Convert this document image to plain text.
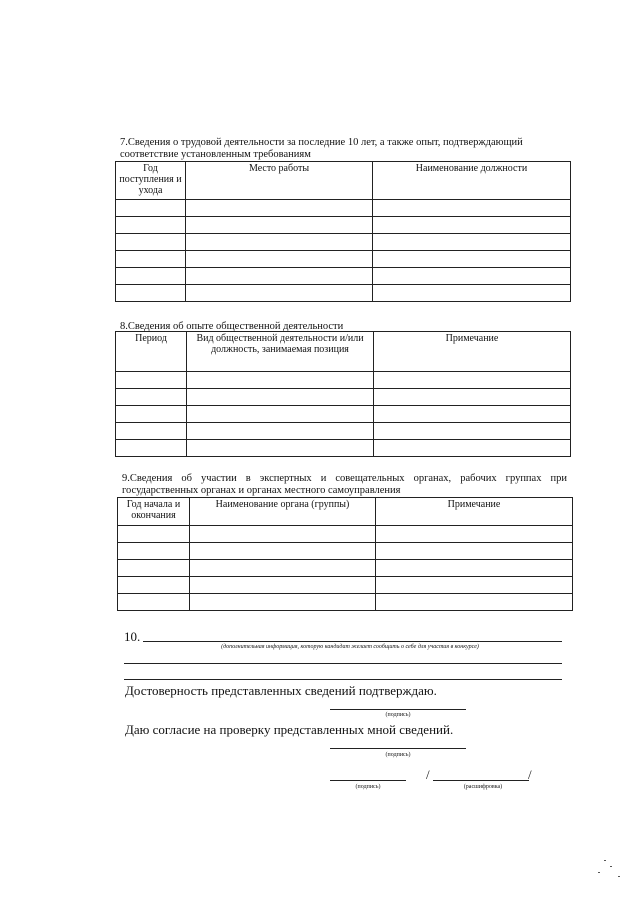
7.Сведения о трудовой деятельности за последние 10 лет, а также опыт, подтверждающий
соответствие установленным требованиям
Год поступления и ухода	Место работы	Наименование должности

8.Сведения об опыте общественной деятельности
Период	Вид общественной деятельности и/или должность, занимаемая позиция	Примечание

9.Сведения об участии в экспертных и совещательных органах, рабочих группах при
государственных органах и органах местного самоуправления
Год начала и окончания	Наименование органа (группы)	Примечание

10.
(дополнительная информация, которую кандидат желает сообщить о себе для участия в конкурсе)
Достоверность представленных сведений подтверждаю.
(подпись)
Даю согласие на проверку представленных мной сведений.
(подпись)
/	/
(подпись)	(расшифровка)
